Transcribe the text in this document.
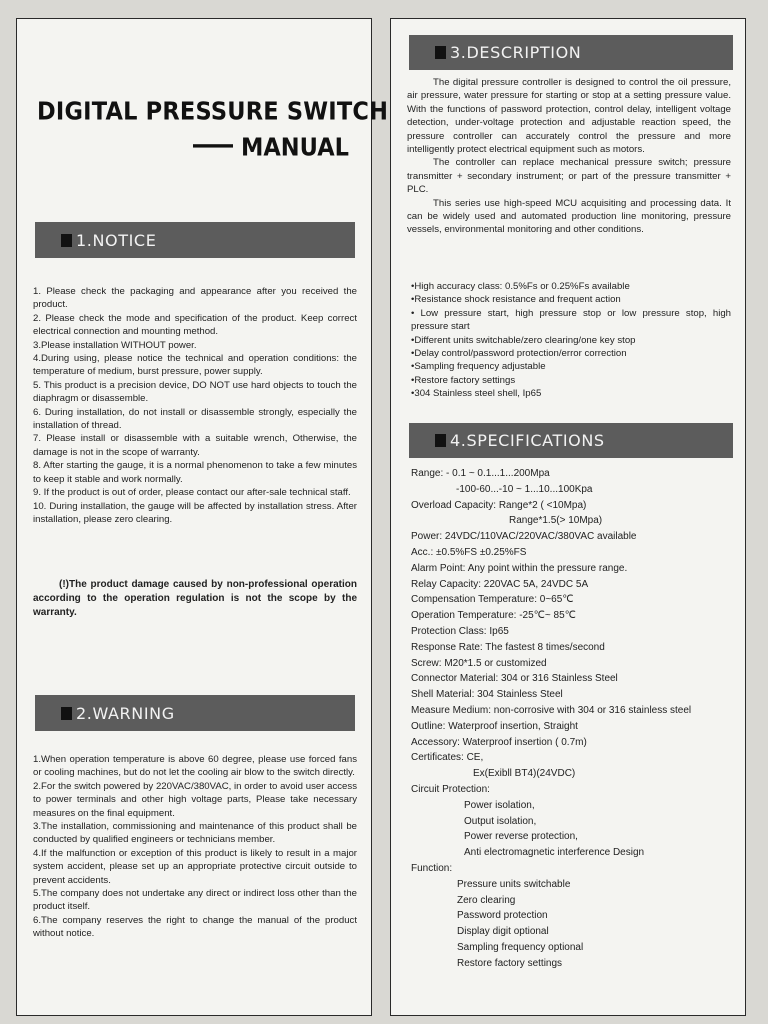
DIGITAL PRESSURE SWITCH
MANUAL
1.NOTICE

1. Please check the packaging and appearance after you received the product.

2. Please check the mode and specification of the product. Keep correct electrical connection and mounting method.

3.Please installation WITHOUT power.

4.During using, please notice the technical and operation conditions: the temperature of medium, burst pressure, power supply.

5. This product is a precision device, DO NOT use hard objects to touch the diaphragm or disassemble.

6. During installation, do not install or disassemble strongly, especially the installation of thread.

7. Please install or disassemble with a suitable wrench, Otherwise, the damage is not in the scope of warranty.

8. After starting the gauge, it is a normal phenomenon to take a few minutes to keep it stable and work normally.

9. If the product is out of order, please contact our after-sale technical staff.

10. During installation, the gauge will be affected by installation stress. After installation, please zero clearing.

(!)The product damage caused by non-professional operation according to the operation regulation is not the scope by the warranty.
2.WARNING

1.When operation temperature is above 60 degree, please use forced fans or cooling machines, but do not let the cooling air blow to the switch directly.

2.For the switch powered by 220VAC/380VAC, in order to avoid user access to power terminals and other high voltage parts, Please take necessary measures on the final equipment.

3.The installation, commissioning and maintenance of this product shall be conducted by qualified engineers or technicians member.

4.If the malfunction or exception of this product is likely to result in a major system accident, please set up an appropriate protective circuit outside to prevent accidents.

5.The company does not undertake any direct or indirect loss other than the product itself.

6.The company reserves the right to change the manual of the product without notice.

3.DESCRIPTION

The digital pressure controller is designed to control the oil pressure, air pressure, water pressure for starting or stop at a setting pressure value. With the functions of password protection, control delay, intelligent voltage detection, under-voltage protection and adjustable reaction speed, the pressure controller can accurately control the pressure and more intelligently protect electrical equipment such as motors.

The controller can replace mechanical pressure switch; pressure transmitter + secondary instrument; or part of the pressure transmitter + PLC.

This series use high-speed MCU acquisiting and processing data. It can be widely used and automated production line monitoring, pressure vessels, environmental monitoring and other conditions.

• High accuracy class: 0.5%Fs or 0.25%Fs available
• Resistance shock resistance and frequent action
• Low pressure start, high pressure stop or low pressure stop, high pressure start
• Different units switchable/zero clearing/one key stop
• Delay control/password protection/error correction
• Sampling frequency adjustable
• Restore factory settings
• 304 Stainless steel shell, Ip65
4.SPECIFICATIONS
Range: - 0.1 ~ 0.1...1...200Mpa
-100-60...-10 ~ 1...10...100Kpa
Overload Capacity: Range*2 ( <10Mpa)
Range*1.5(> 10Mpa)
Power: 24VDC/110VAC/220VAC/380VAC available
Acc.: ±0.5%FS ±0.25%FS
Alarm Point: Any point within the pressure range.
Relay Capacity: 220VAC 5A, 24VDC 5A
Compensation Temperature: 0~65℃
Operation Temperature: -25℃~ 85℃
Protection Class: Ip65
Response Rate: The fastest 8 times/second
Screw: M20*1.5 or customized
Connector Material: 304 or 316 Stainless Steel
Shell Material: 304 Stainless Steel
Measure Medium: non-corrosive with 304 or 316 stainless steel
Outline: Waterproof insertion, Straight
Accessory: Waterproof insertion ( 0.7m)
Certificates: CE,
Ex(Exibll BT4)(24VDC)
Circuit Protection:
Power isolation,
Output isolation,
Power reverse protection,
Anti electromagnetic interference Design
Function:
Pressure units switchable
Zero clearing
Password protection
Display digit optional
Sampling frequency optional
Restore factory settings
